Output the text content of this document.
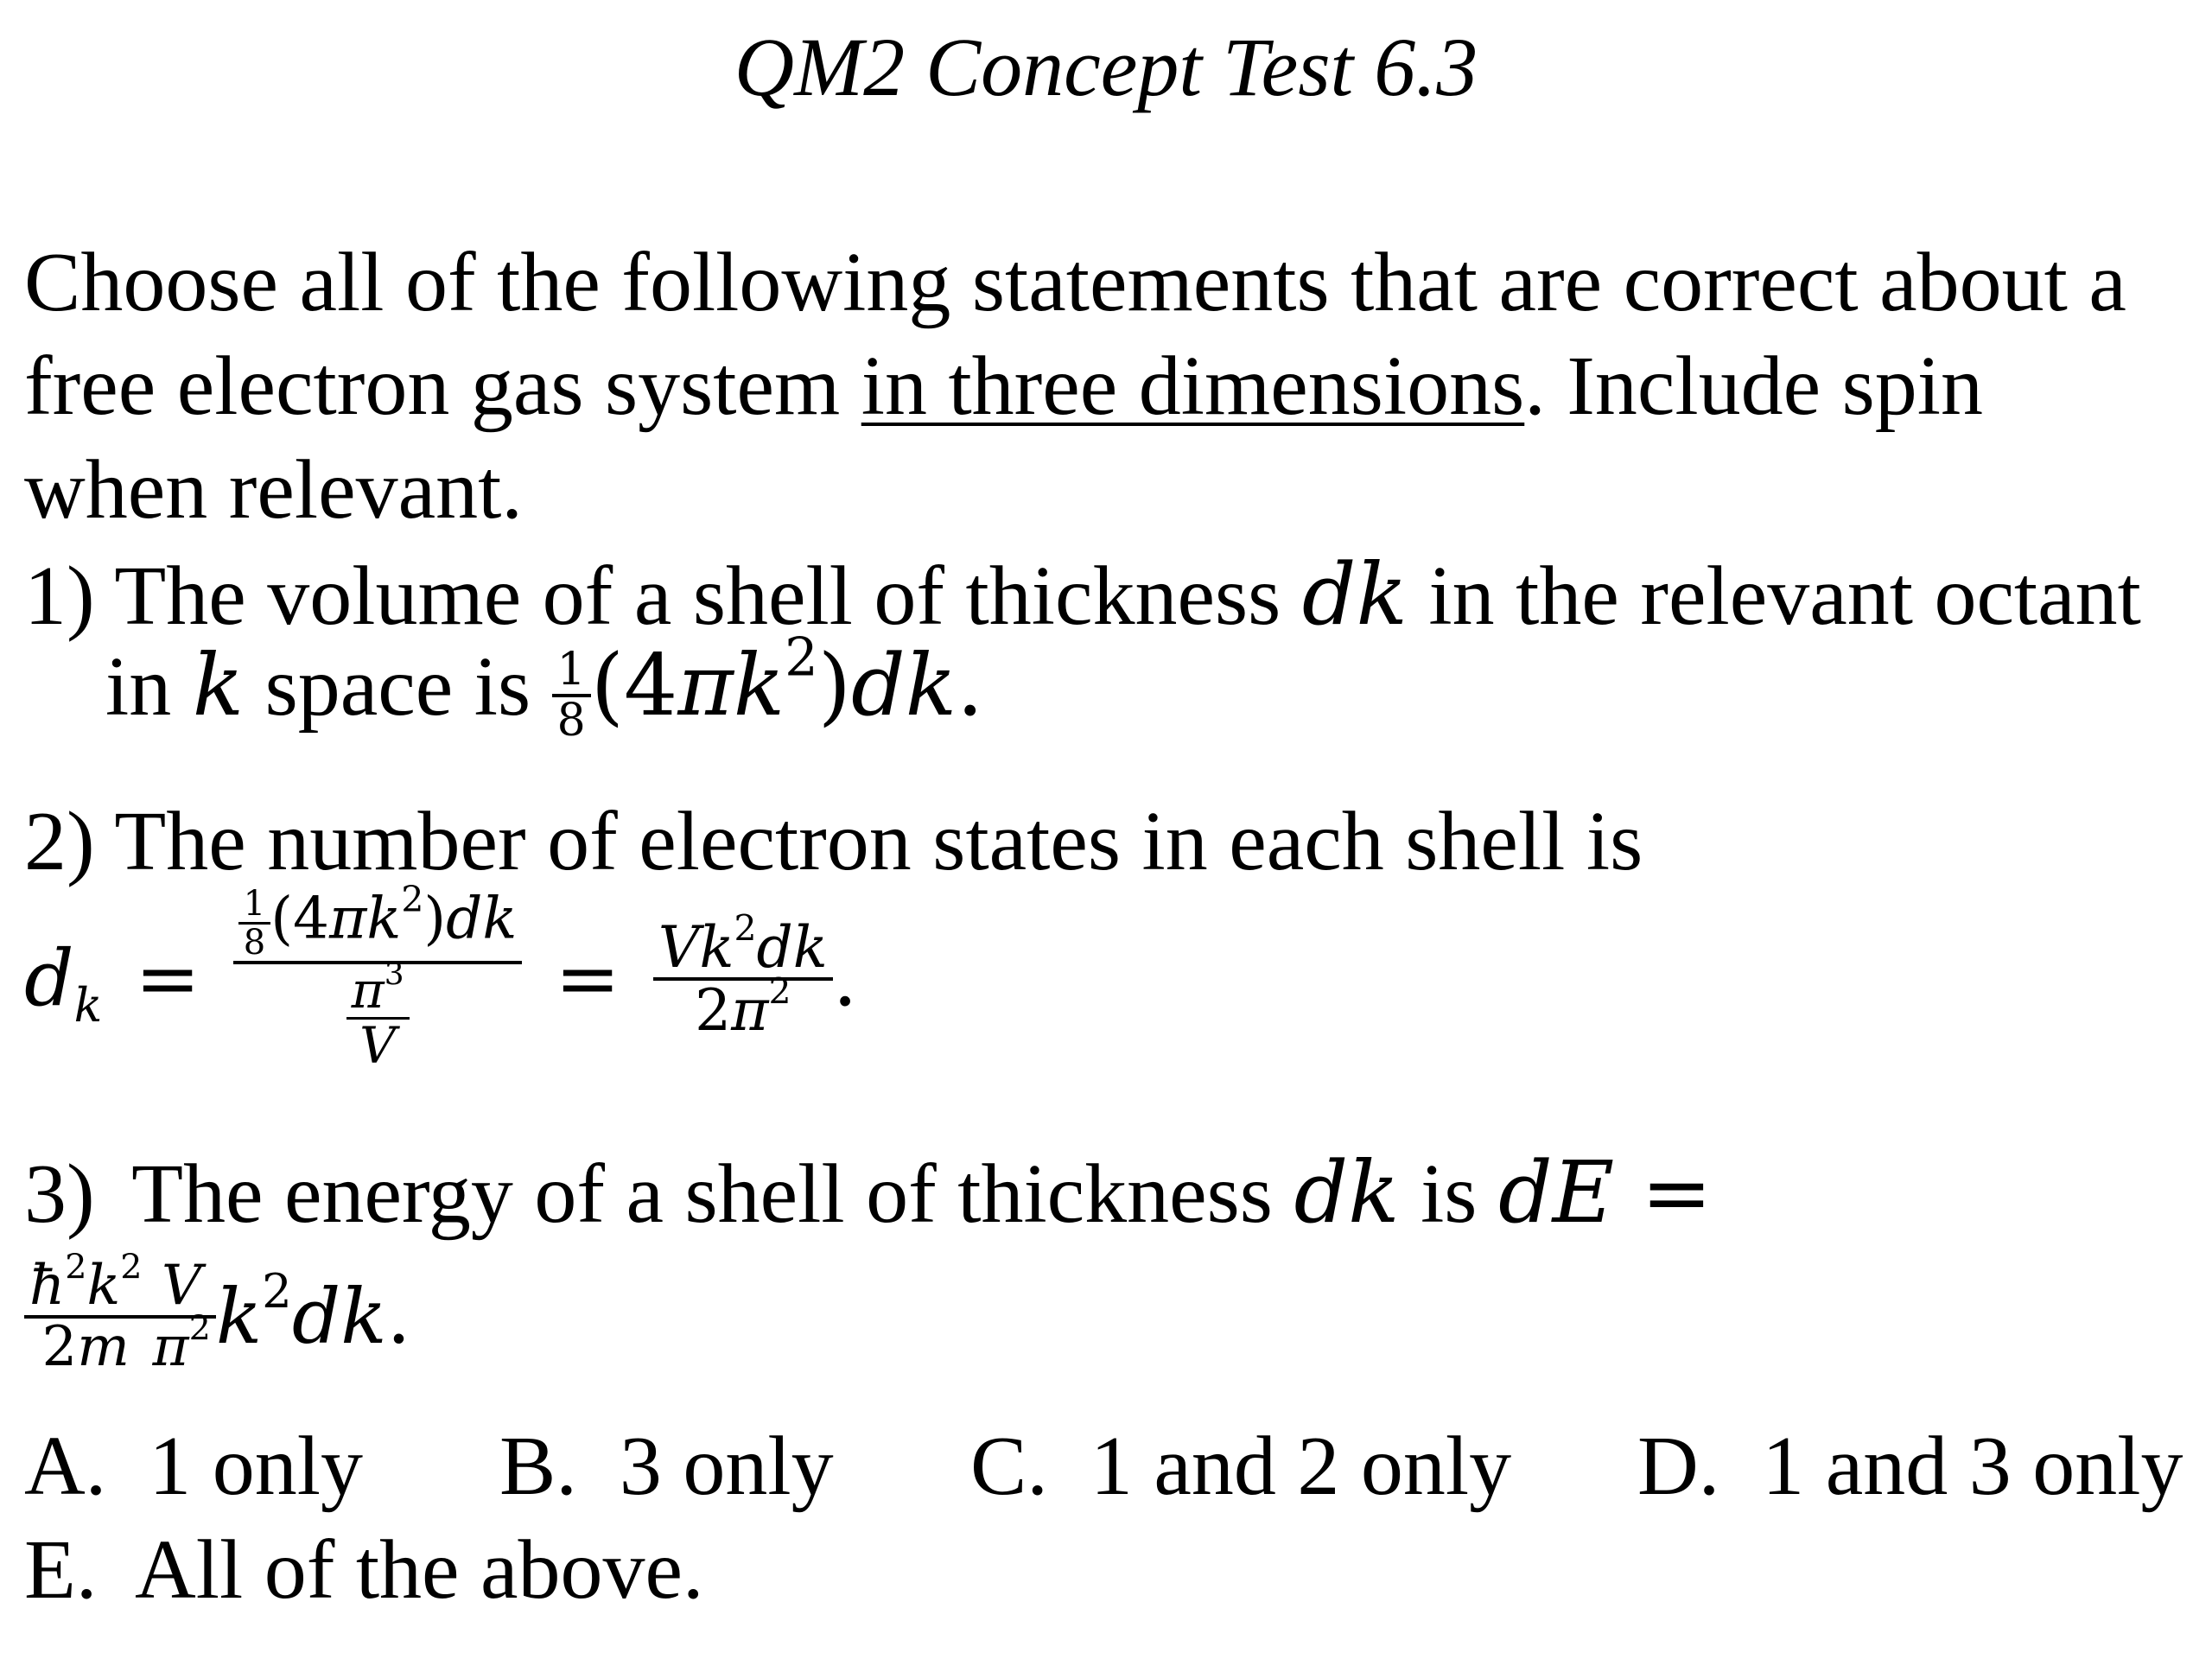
QM2 Concept Test 6.3
Choose all of the following statements that are correct about a
free electron gas system in three dimensions. Include spin
when relevant.
1) The volume of a shell of thickness dk in the relevant octant
in k space is $\frac{1}{8} (4\pi k^2)dk$.
2) The number of electron states in each shell is
$d_k = \frac{\frac{1}{8} (4\pi k^2)dk}{\frac{\pi^3}{V}} = \frac{Vk^2dk}{2\pi^2}$ .
3) The energy of a shell of thickness dk is dE =
$\frac{ħ^2k^2}{2m} \frac{V}{\pi^2} k^2dk$.
A. 1 only B. 3 only C. 1 and 2 only D. 1 and 3 only
E. All of the above.
